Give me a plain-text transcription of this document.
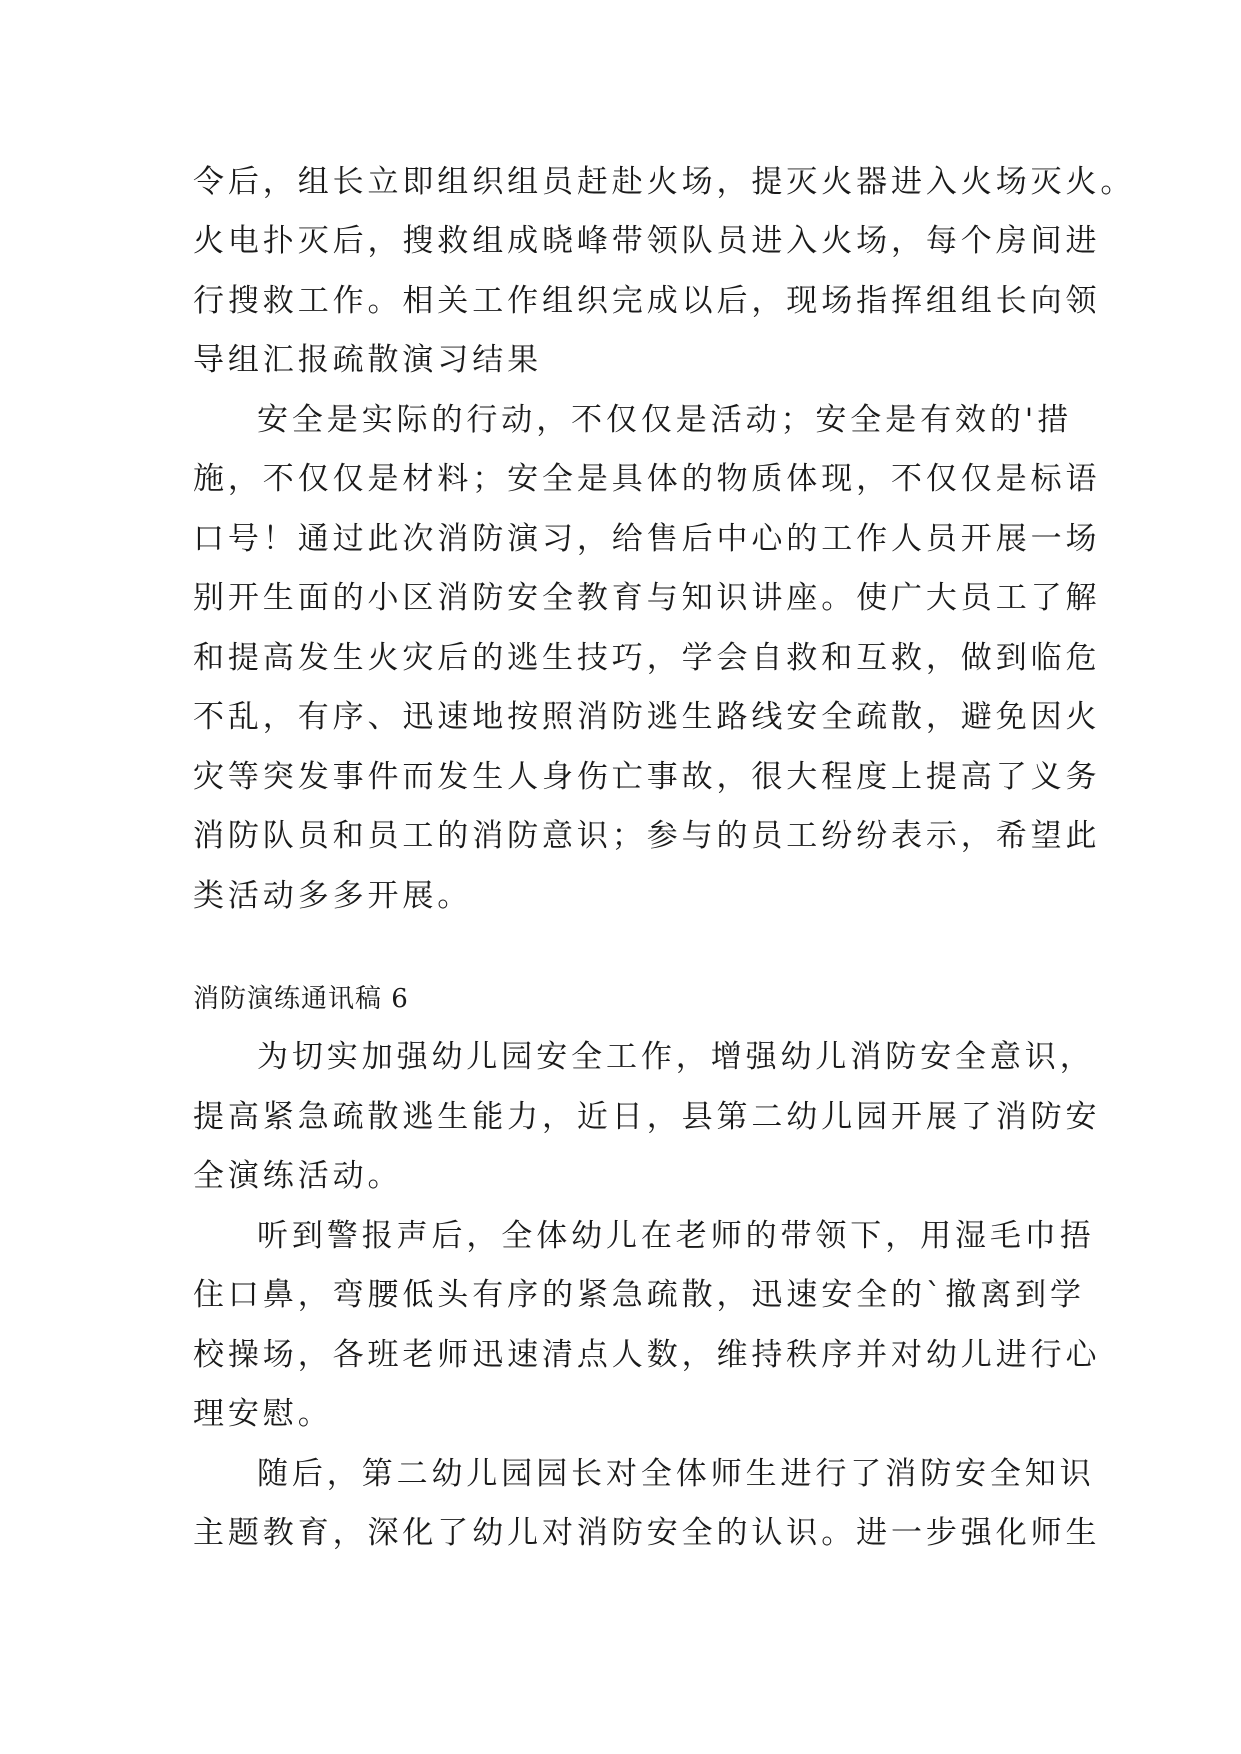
令后，组长立即组织组员赶赴火场，提灭火器进入火场灭火。
火电扑灭后，搜救组成晓峰带领队员进入火场，每个房间进
行搜救工作。相关工作组织完成以后，现场指挥组组长向领
导组汇报疏散演习结果
安全是实际的行动，不仅仅是活动；安全是有效的'措
施，不仅仅是材料；安全是具体的物质体现，不仅仅是标语
口号！通过此次消防演习，给售后中心的工作人员开展一场
别开生面的小区消防安全教育与知识讲座。使广大员工了解
和提高发生火灾后的逃生技巧，学会自救和互救，做到临危
不乱，有序、迅速地按照消防逃生路线安全疏散，避免因火
灾等突发事件而发生人身伤亡事故，很大程度上提高了义务
消防队员和员工的消防意识；参与的员工纷纷表示，希望此
类活动多多开展。
消防演练通讯稿 6
为切实加强幼儿园安全工作，增强幼儿消防安全意识，
提高紧急疏散逃生能力，近日，县第二幼儿园开展了消防安
全演练活动。
听到警报声后，全体幼儿在老师的带领下，用湿毛巾捂
住口鼻，弯腰低头有序的紧急疏散，迅速安全的`撤离到学
校操场，各班老师迅速清点人数，维持秩序并对幼儿进行心
理安慰。
随后，第二幼儿园园长对全体师生进行了消防安全知识
主题教育，深化了幼儿对消防安全的认识。进一步强化师生
